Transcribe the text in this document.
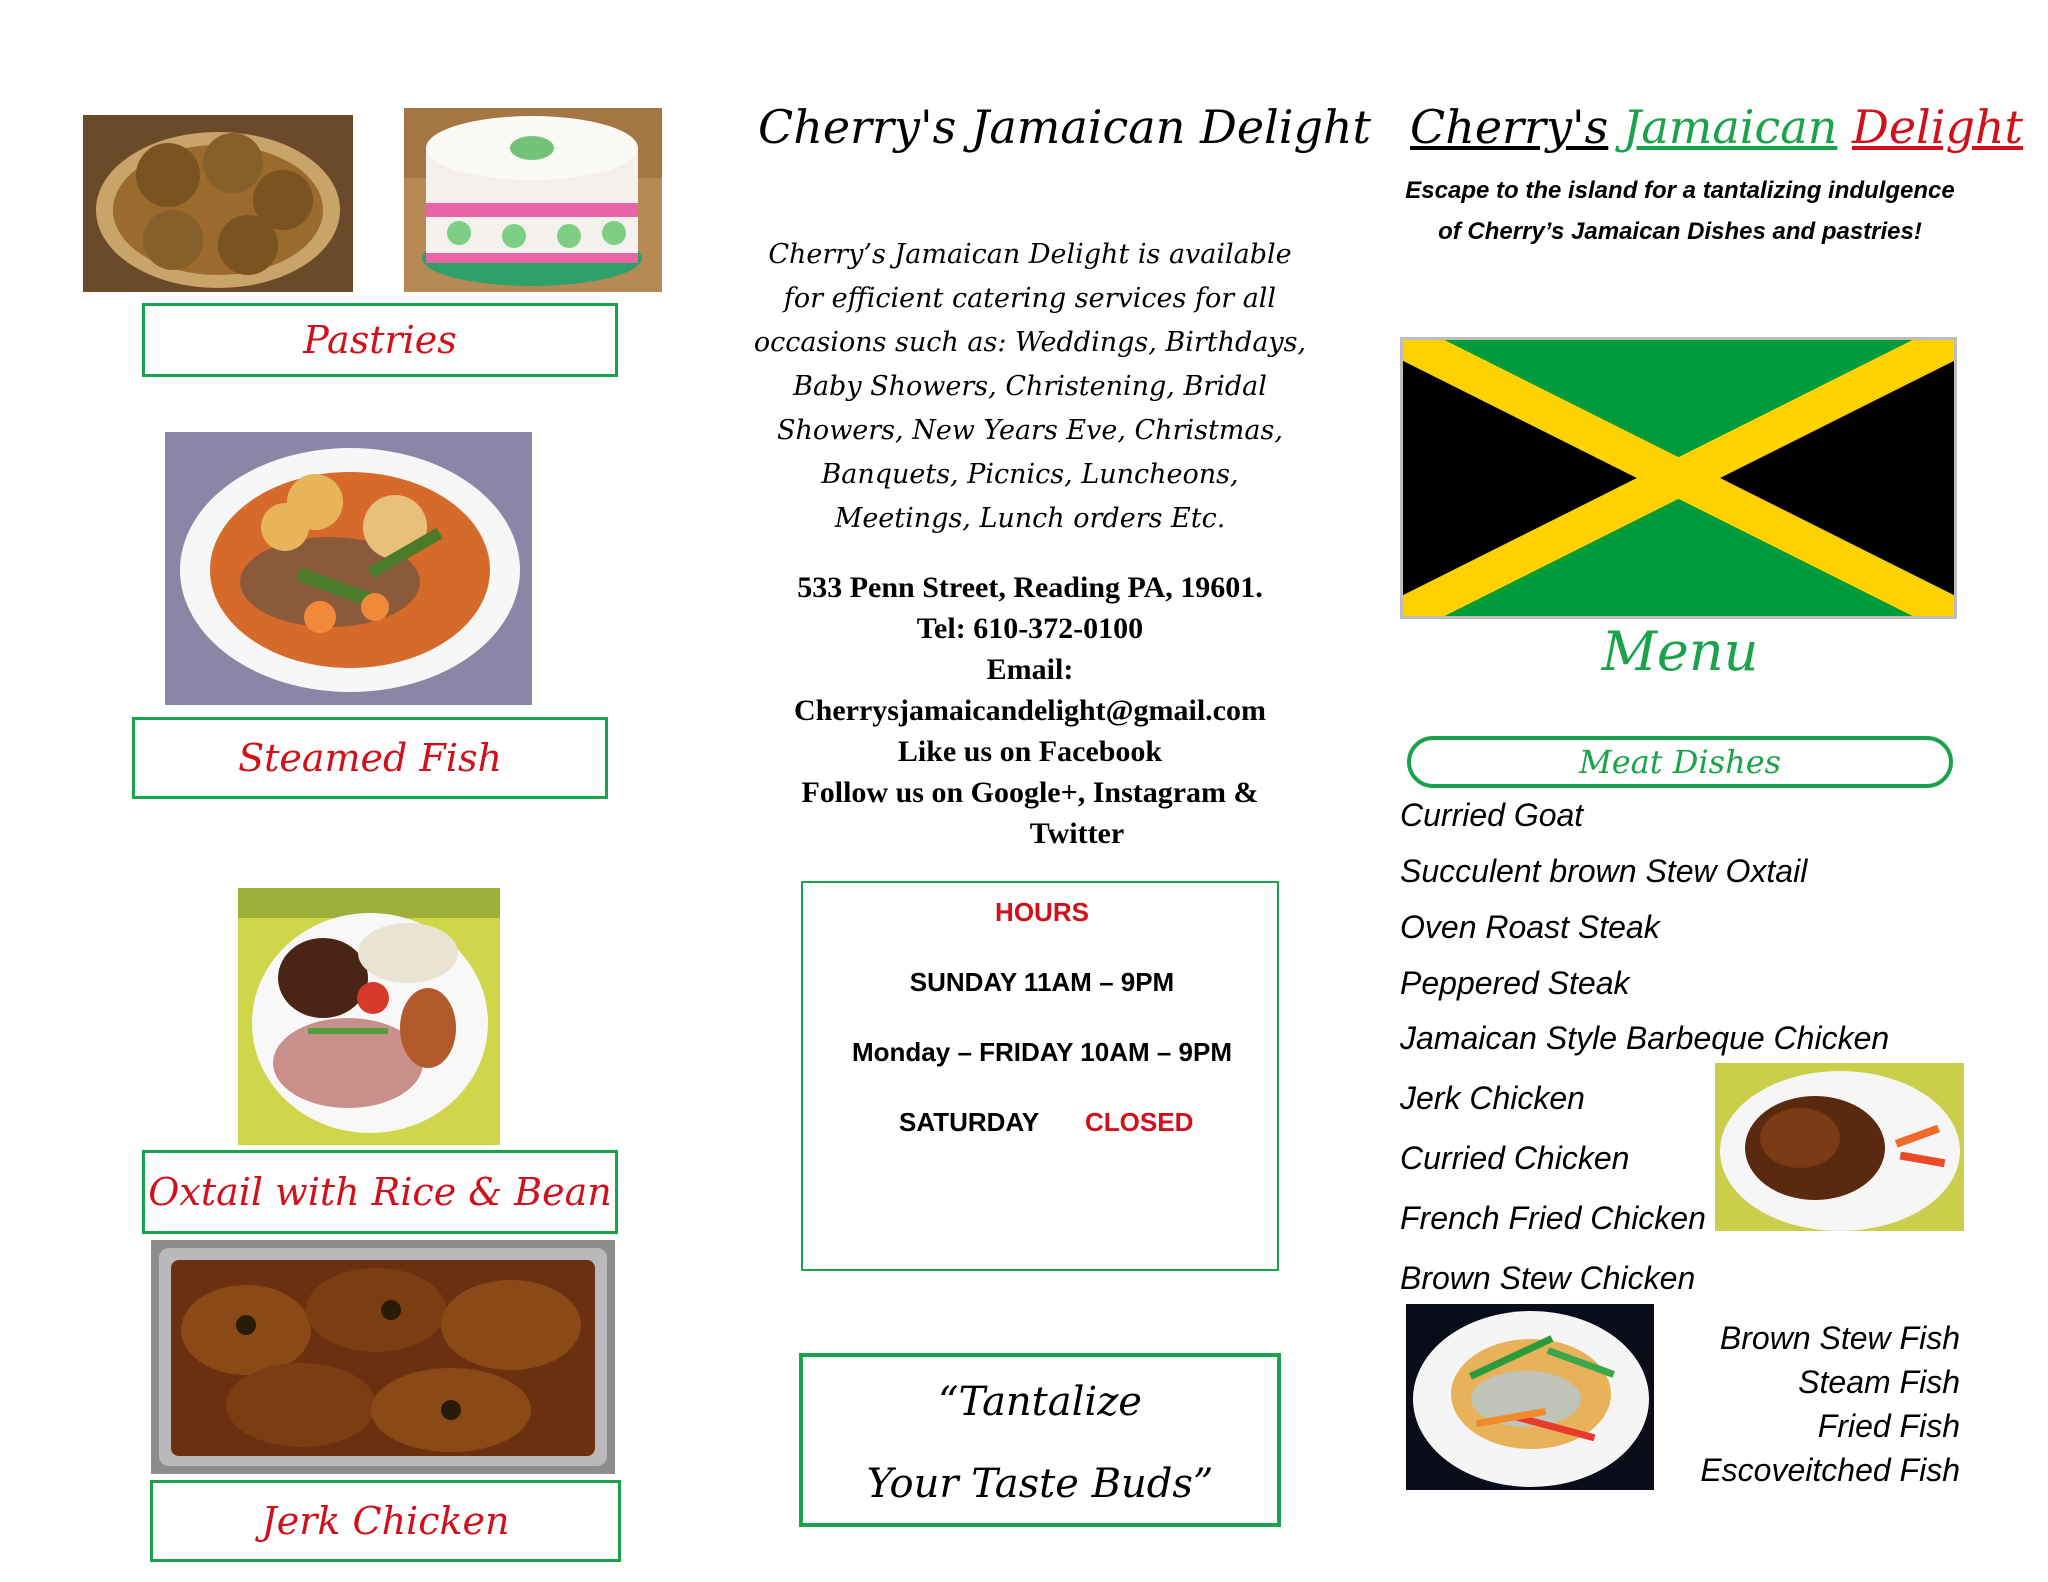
Pastries
Steamed Fish
Oxtail with Rice & Bean
Jerk Chicken
Cherry's Jamaican Delight
Cherry’s Jamaican Delight is available for efficient catering services for all occasions such as: Weddings, Birthdays, Baby Showers, Christening, Bridal Showers, New Years Eve, Christmas, Banquets, Picnics, Luncheons, Meetings, Lunch orders Etc.
533 Penn Street, Reading PA, 19601.
Tel: 610-372-0100
Email:
Cherrysjamaicandelight@gmail.com
Like us on Facebook
Follow us on Google+, Instagram &
Twitter
HOURS
SUNDAY 11AM – 9PM
Monday – FRIDAY 10AM – 9PM
SATURDAY CLOSED
“Tantalize
Your Taste Buds”
Cherry's Jamaican Delight
Escape to the island for a tantalizing indulgence of Cherry’s Jamaican Dishes and pastries!
Menu
Meat Dishes
Curried Goat
Succulent brown Stew Oxtail
Oven Roast Steak
Peppered Steak
Jamaican Style Barbeque Chicken
Jerk Chicken
Curried Chicken
French Fried Chicken
Brown Stew Chicken
Brown Stew Fish
Steam Fish
Fried Fish
Escoveitched Fish
